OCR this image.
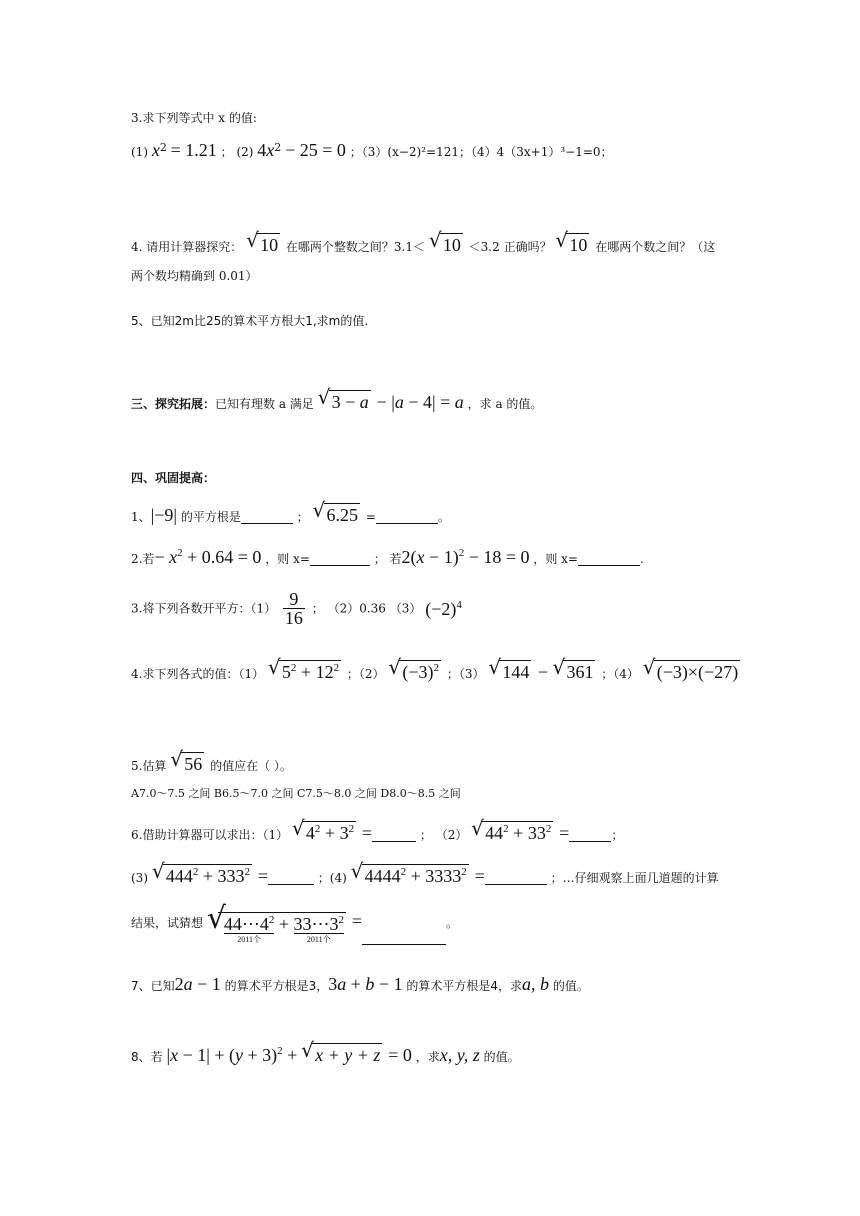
3.求下列等式中 x 的值:
(1) $x^2 = 1.21$ ； (2) $4x^2 - 25 = 0$ ；（3）(x−2)²=121；（4）4（3x+1）³−1=0；
4. 请用计算器探究： √ 10 在哪两个整数之间？3.1＜ √ 10 ＜3.2 正确吗？ √ 10 在哪两个数之间？（这
两个数均精确到 0.01）
5、已知2m比25的算术平方根大1,求m的值.
三、探究拓展：已知有理数 a 满足 √ 3 − a − |a − 4| = a ，求 a 的值。
四、巩固提高：
1、|−9| 的平方根是	； √ 6.25 =	。
2.若− $x^2 + 0.64 = 0$ ，则 x=	； 若$2(x - 1)^2 - 18 = 0$ ，则 x=	.
3.将下列各数开平方：$(1) \frac{9}{16}$ ； （2）0.36 （3） $(-2)^4$
4.求下列各式的值：（1） √ $5^2 + 12^2$ ；（2） √ $(-3)^2$ ；（3） √ 144 − √ 361 ；（4） √ (−3)×(−27)
5.估算 √ 56 的值应在（ ）。
A7.0～7.5 之间 B6.5～7.0 之间 C7.5～8.0 之间 D8.0～8.5 之间
6.借助计算器可以求出：（1） √ $4^2 + 3^2$ =	； （2） √ $44^2 + 33^2$ =	；
(3) √ $444^2 + 333^2$ =	；(4) √ $4444^2 + 3333^2$ =	；…仔细观察上面几道题的计算
结果，试猜想 √
$44\cdots 4^2$
2011个
+ $33\cdots 3^2$
2011个
=	。
7、已知2a − 1 的算术平方根是3，3a + b − 1 的算术平方根是4，求a, b 的值。
8、若 $|x - 1| + (y + 3)^2$ + √ x + y + z = 0 ，求x, y, z 的值。
